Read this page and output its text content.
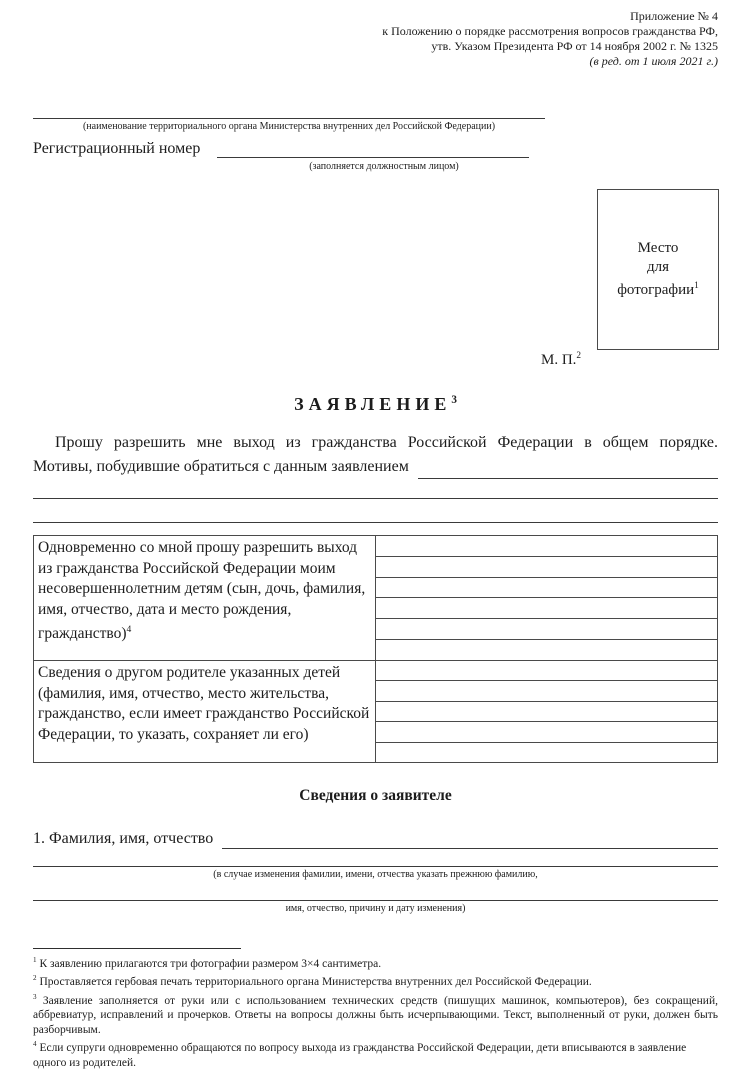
Приложение № 4
к Положению о порядке рассмотрения вопросов гражданства РФ,
утв. Указом Президента РФ от 14 ноября 2002 г. № 1325
(в ред. от 1 июля 2021 г.)
(наименование территориального органа Министерства внутренних дел Российской Федерации)
Регистрационный номер
(заполняется должностным лицом)
Место
для
фотографии$^1$
М. П.$^2$
ЗАЯВЛЕНИЕ$^3$
Прошу разрешить мне выход из гражданства Российской Федерации в общем порядке.
Мотивы, побудившие обратиться с данным заявлением
Одновременно со мной прошу разрешить выход из гражданства Российской Федерации моим несовершеннолетним детям (сын, дочь, фамилия, имя, отчество, дата и место рождения, гражданство)$^4$
Сведения о другом родителе указанных детей (фамилия, имя, отчество, место жительства, гражданство, если имеет гражданство Российской Федерации, то указать, сохраняет ли его)
Сведения о заявителе
1. Фамилия, имя, отчество
(в случае изменения фамилии, имени, отчества указать прежнюю фамилию,
имя, отчество, причину и дату изменения)
$^1$ К заявлению прилагаются три фотографии размером 3×4 сантиметра.
$^2$ Проставляется гербовая печать территориального органа Министерства внутренних дел Российской Федерации.
$^3$ Заявление заполняется от руки или с использованием технических средств (пишущих машинок, компьютеров), без сокращений, аббревиатур, исправлений и прочерков. Ответы на вопросы должны быть исчерпывающими. Текст, выполненный от руки, должен быть разборчивым.
$^4$ Если супруги одновременно обращаются по вопросу выхода из гражданства Российской Федерации, дети вписываются в заявление одного из родителей.
